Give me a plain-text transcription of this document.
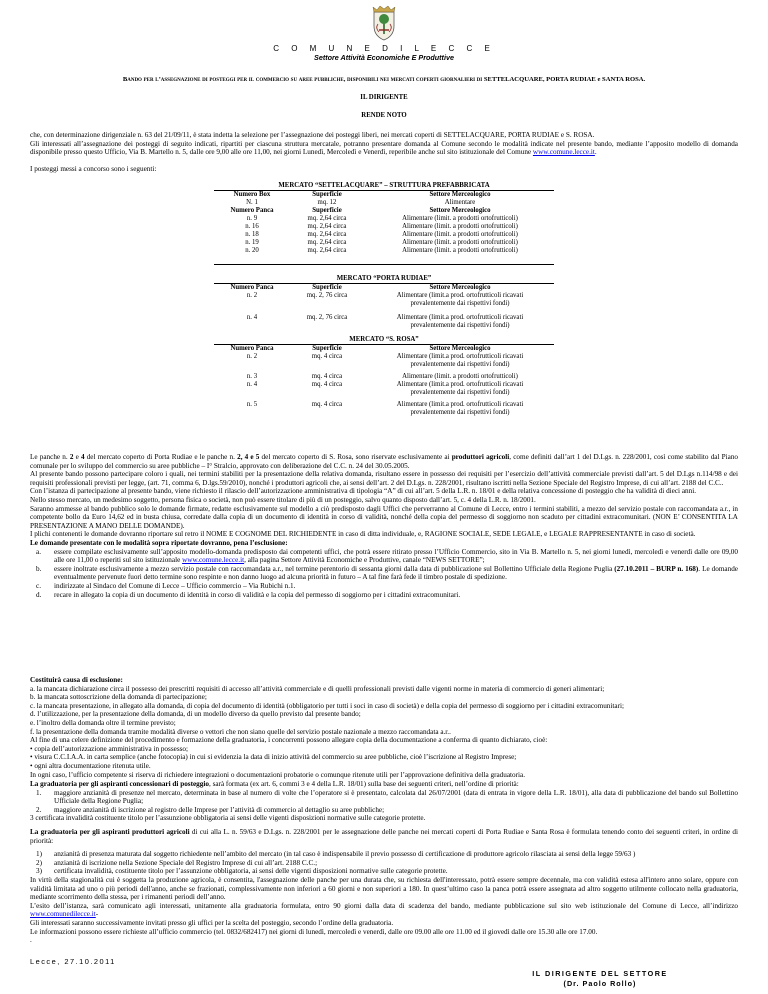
C O M U N E D I L E C C E
Settore Attività Economiche E Produttive
Bando per l’assegnazione di posteggi per il commercio su aree pubbliche, disponibili nei mercati coperti giornalieri di SETTELACQUARE, PORTA RUDIAE e SANTA ROSA.
IL DIRIGENTE
RENDE NOTO

che, con determinazione dirigenziale n. 63 del 21/09/11, è stata indetta la selezione per l’assegnazione dei posteggi liberi, nei mercati coperti di SETTELACQUARE, PORTA RUDIAE e S. ROSA.

Gli interessati all’assegnazione dei posteggi di seguito indicati, ripartiti per ciascuna struttura mercatale, potranno presentare domanda al Comune secondo le modalità indicate nel presente bando, mediante l’apposito modello di domanda disponibile presso questo Ufficio, Via B. Martello n. 5, dalle ore 9,00 alle ore 11,00, nei giorni Lunedì, Mercoledì e Venerdì, reperibile anche sul sito istituzionale del Comune www.comune.lecce.it.

I posteggi messi a concorso sono i seguenti:

MERCATO “SETTELACQUARE” – STRUTTURA PREFABBRICATA
Numero Box	Superficie	Settore Merceologico
N. 1	mq. 12	Alimentare
Numero Panca	Superficie	Settore Merceologico
n. 9	mq. 2,64 circa	Alimentare (limit. a prodotti ortofrutticoli)
n. 16	mq. 2,64 circa	Alimentare (limit. a prodotti ortofrutticoli)
n. 18	mq. 2,64 circa	Alimentare (limit. a prodotti ortofrutticoli)
n. 19	mq. 2,64 circa	Alimentare (limit. a prodotti ortofrutticoli)
n. 20	mq. 2,64 circa	Alimentare (limit. a prodotti ortofrutticoli)
MERCATO “PORTA RUDIAE”
Numero Panca	Superficie	Settore Merceologico
n. 2	mq. 2, 76 circa	Alimentare (limit.a prod. ortofrutticoli ricavati prevalentemente dai rispettivi fondi)

n. 4	mq. 2, 76 circa	Alimentare (limit.a prod. ortofrutticoli ricavati prevalentemente dai rispettivi fondi)
MERCATO “S. ROSA”
Numero Panca	Superficie	Settore Merceologico
n. 2	mq. 4 circa	Alimentare (limit.a prod. ortofrutticoli ricavati prevalentemente dai rispettivi fondi)

n. 3	mq. 4 circa	Alimentare (limit. a prodotti ortofrutticoli)
n. 4	mq. 4 circa	Alimentare (limit.a prod. ortofrutticoli ricavati prevalentemente dai rispettivi fondi)

n. 5	mq. 4 circa	Alimentare (limit.a prod. ortofrutticoli ricavati prevalentemente dai rispettivi fondi)

Le panche n. 2 e 4 del mercato coperto di Porta Rudiae e le panche n. 2, 4 e 5 del mercato coperto di S. Rosa, sono riservate esclusivamente ai produttori agricoli, come definiti dall’art 1 del D.Lgs. n. 228/2001, così come stabilito dal Piano comunale per lo sviluppo del commercio su aree pubbliche – I° Stralcio, approvato con deliberazione del C.C. n. 24 del 30.05.2005.

Al presente bando possono partecipare coloro i quali, nei termini stabiliti per la presentazione della relativa domanda, risultano essere in possesso dei requisiti per l’esercizio dell’attività commerciale previsti dall’art. 5 del D.Lgs n.114/98 e dei requisiti professionali previsti per legge, (art. 71, comma 6, D.lgs.59/2010), nonché i produttori agricoli che, ai sensi dell’art. 2 del D.Lgs. n. 228/2001, risultano iscritti nella Sezione Speciale del Registro Imprese, di cui all’art. 2188 del C.C..

Con l’istanza di partecipazione al presente bando, viene richiesto il rilascio dell’autorizzazione amministrativa di tipologia “A” di cui all’art. 5 della L.R. n. 18/01 e della relativa concessione di posteggio che ha validità di dieci anni.

Nello stesso mercato, un medesimo soggetto, persona fisica o società, non può essere titolare di più di un posteggio, salvo quanto disposto dall’art. 5, c. 4 della L.R. n. 18/2001.

Saranno ammesse al bando pubblico solo le domande firmate, redatte esclusivamente sul modello a ciò predisposto dagli Uffici che perverranno al Comune di Lecce, entro i termini stabiliti, a mezzo del servizio postale con raccomandata a.r., in competente bollo da Euro 14,62 ed in busta chiusa, corredate dalla copia di un documento di identità in corso di validità, nonché della copia del permesso di soggiorno non scaduto per cittadini extracomunitari. (NON E’ CONSENTITA LA PRESENTAZIONE A MANO DELLE DOMANDE).

I plichi contenenti le domande dovranno riportare sul retro il NOME E COGNOME DEL RICHIEDENTE in caso di ditta individuale, e, RAGIONE SOCIALE, SEDE LEGALE, e LEGALE RAPPRESENTANTE in caso di società.

Le domande presentate con le modalità sopra riportate dovranno, pena l’esclusione:

a.	essere compilate esclusivamente sull’apposito modello-domanda predisposto dai competenti uffici, che potrà essere ritirato presso l’Ufficio Commercio, sito in Via B. Martello n. 5, nei giorni lunedì, mercoledì e venerdì dalle ore 09,00 alle ore 11,00 o reperiti sul sito istituzionale www.comune.lecce.it, alla pagina Settore Attività Economiche e Produttive, canale “NEWS SETTORE”;
b.	essere inoltrate esclusivamente a mezzo servizio postale con raccomandata a.r., nel termine perentorio di sessanta giorni dalla data di pubblicazione sul Bollettino Ufficiale della Regione Puglia (27.10.2011 – BURP n. 168). Le domande eventualmente pervenute fuori detto termine sono respinte e non danno luogo ad alcuna priorità in futuro – A tal fine farà fede il timbro postale di spedizione.
c.	indirizzate al Sindaco del Comune di Lecce – Ufficio commercio – Via Rubichi n.1.
d.	recare in allegato la copia di un documento di identità in corso di validità e la copia del permesso di soggiorno per i cittadini extracomunitari.

Costituirà causa di esclusione:

a. la mancata dichiarazione circa il possesso dei prescritti requisiti di accesso all’attività commerciale e di quelli professionali previsti dalle vigenti norme in materia di commercio di generi alimentari;

b. la mancata sottoscrizione della domanda di partecipazione;

c. la mancata presentazione, in allegato alla domanda, di copia del documento di identità (obbligatorio per tutti i soci in caso di società) e della copia del permesso di soggiorno per i cittadini extracomunitari;

d. l’utilizzazione, per la presentazione della domanda, di un modello diverso da quello previsto dal presente bando;

e. l’inoltro della domanda oltre il termine previsto;

f. la presentazione della domanda tramite modalità diverse o vettori che non siano quelle del servizio postale nazionale a mezzo raccomandata a.r..

Al fine di una celere definizione del procedimento e formazione della graduatoria, i concorrenti possono allegare copia della documentazione a conferma di quanto dichiarato, cioè:

• copia dell’autorizzazione amministrativa in possesso;

• visura C.C.I.A.A. in carta semplice (anche fotocopia) in cui si evidenzia la data di inizio attività del commercio su aree pubbliche, cioè l’iscrizione al Registro Imprese;

• ogni altra documentazione ritenuta utile.

In ogni caso, l’ufficio competente si riserva di richiedere integrazioni o documentazioni probatorie o comunque ritenute utili per l’approvazione definitiva della graduatoria.

La graduatoria per gli aspiranti concessionari di posteggio, sarà formata (ex art. 6, commi 3 e 4 della L.R. 18/01) sulla base dei seguenti criteri, nell’ordine di priorità:

1.	maggiore anzianità di presenze nel mercato, determinata in base al numero di volte che l’operatore si è presentato, calcolata dal 26/07/2001 (data di entrata in vigore della L.R. 18/01), alla data di pubblicazione del bando sul Bollettino Ufficiale della Regione Puglia;
2.	maggiore anzianità di iscrizione al registro delle Imprese per l’attività di commercio al dettaglio su aree pubbliche;

3 certificata invalidità costituente titolo per l’assunzione obbligatoria ai sensi delle vigenti disposizioni normative sulle categorie protette.

La graduatoria per gli aspiranti produttori agricoli di cui alla L. n. 59/63 e D.Lgs. n. 228/2001 per le assegnazione delle panche nei mercati coperti di Porta Rudiae e Santa Rosa è formulata tenendo conto dei seguenti criteri, in ordine di priorità:

1)	anzianità di presenza maturata dal soggetto richiedente nell’ambito del mercato (in tal caso è indispensabile il previo possesso di certificazione di produttore agricolo rilasciata ai sensi della legge 59/63 )
2)	anzianità di iscrizione nella Sezione Speciale del Registro Imprese di cui all’art. 2188 C.C.;
3)	certificata invalidità, costituente titolo per l’assunzione obbligatoria, ai sensi delle vigenti disposizioni normative sulle categorie protette.

In virtù della stagionalità cui è soggetta la produzione agricola, è consentita, l'assegnazione delle panche per una durata che, su richiesta dell'interessato, potrà essere sempre decennale, ma con validità estesa all'intero anno solare, oppure con validità limitata ad uno o più periodi dell'anno, anche se frazionati, complessivamente non inferiori a 60 giorni e non superiori a 180. In quest’ultimo caso la panca potrà essere assegnata ad altro soggetto utilmente collocato nella graduatoria, mediante scorrimento della stessa, per i rimanenti periodi dell’anno.

L’esito dell’istanza, sarà comunicato agli interessati, unitamente alla graduatoria formulata, entro 90 giorni dalla data di scadenza del bando, mediante pubblicazione sul sito web istituzionale del Comune di Lecce, all’indirizzo www.comunedilecce.it-

Gli interessati saranno successivamente invitati presso gli uffici per la scelta del posteggio, secondo l’ordine della graduatoria.

Le informazioni possono essere richieste all’ufficio commercio (tel. 0832/682417) nei giorni di lunedì, mercoledì e venerdì, dalle ore 09.00 alle ore 11.00 ed il giovedì dalle ore 15.30 alle ore 17.00.

.

Lecce, 27.10.2011
IL DIRIGENTE DEL SETTORE
(Dr. Paolo Rollo)
